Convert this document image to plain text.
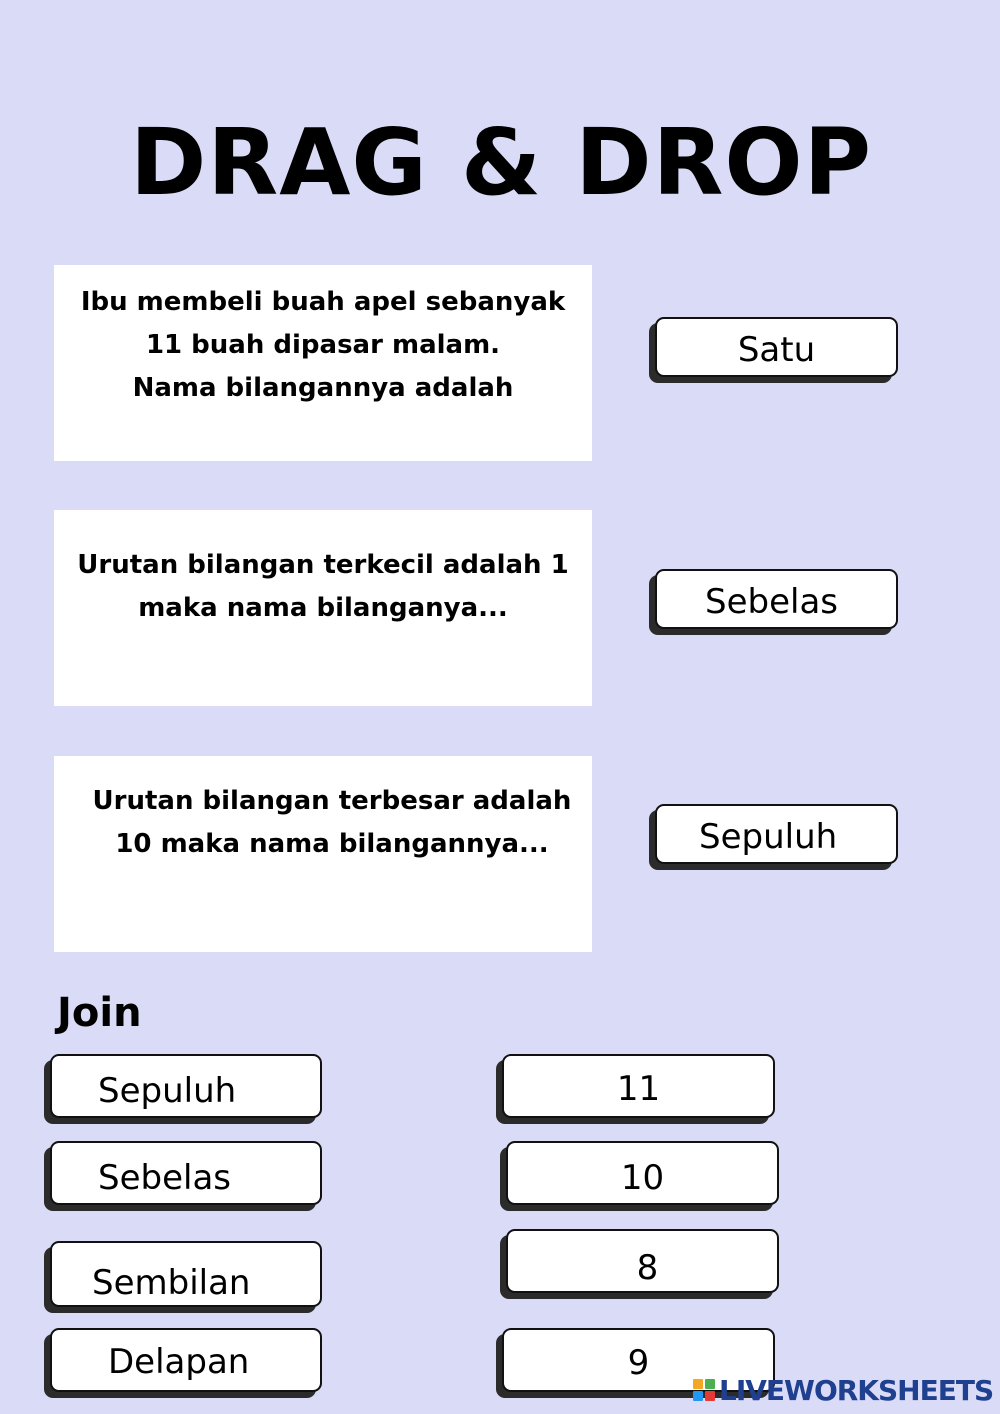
DRAG & DROP
Ibu membeli buah apel sebanyak
11 buah dipasar malam.
Nama bilangannya adalah
Urutan bilangan terkecil adalah 1
maka nama bilanganya...
Urutan bilangan terbesar adalah
10 maka nama bilangannya...
Satu
Sebelas
Sepuluh
Join
Sepuluh
Sebelas
Sembilan
Delapan
11
10
8
9
LIVEWORKSHEETS
